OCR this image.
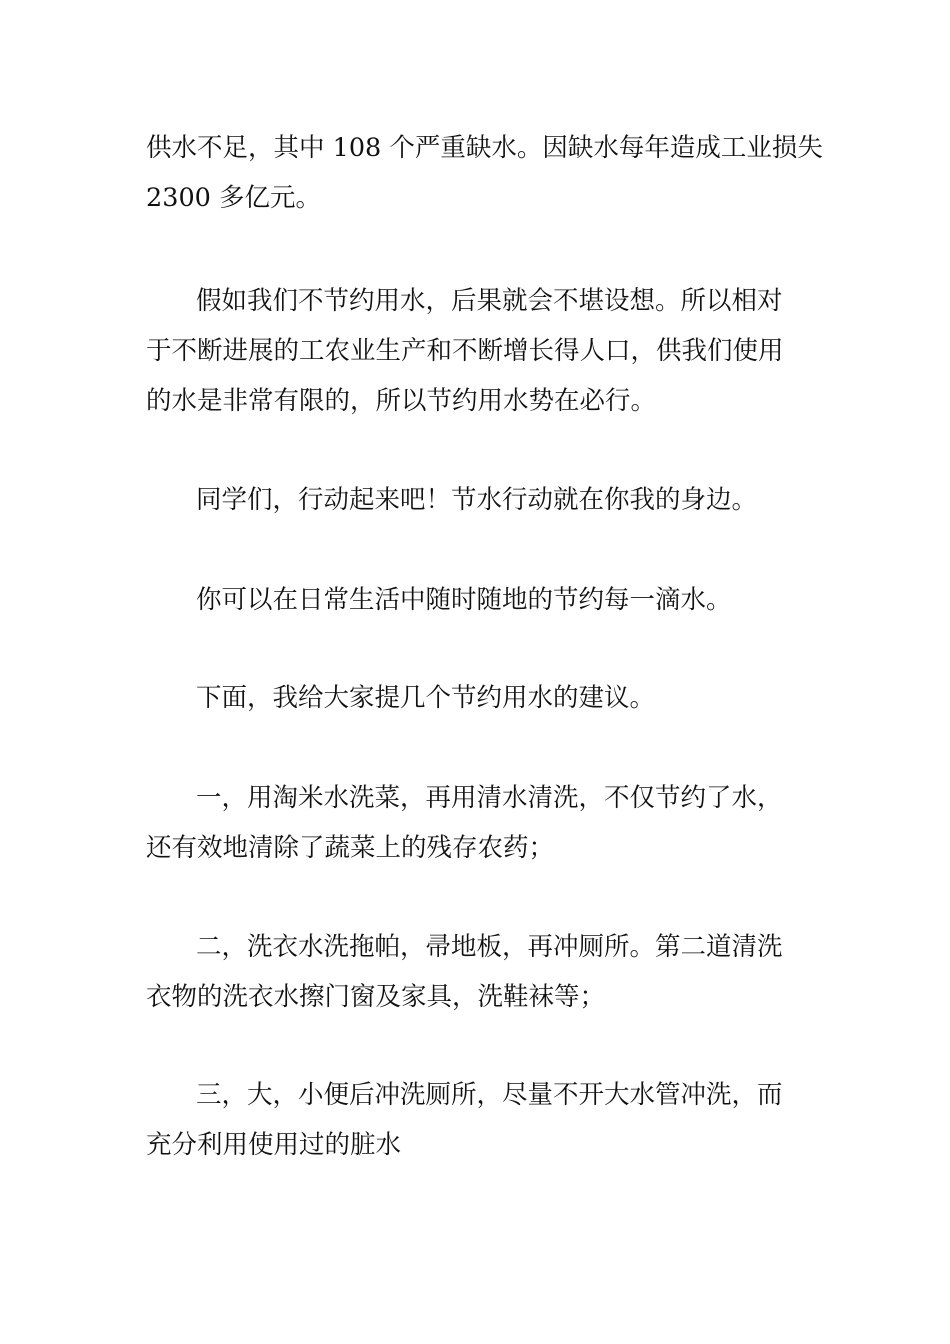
供水不足，其中 108 个严重缺水。因缺水每年造成工业损失
2300 多亿元。
假如我们不节约用水，后果就会不堪设想。所以相对
于不断进展的工农业生产和不断增长得人口，供我们使用
的水是非常有限的，所以节约用水势在必行。
同学们，行动起来吧！节水行动就在你我的身边。
你可以在日常生活中随时随地的节约每一滴水。
下面，我给大家提几个节约用水的建议。
一，用淘米水洗菜，再用清水清洗，不仅节约了水，
还有效地清除了蔬菜上的残存农药；
二，洗衣水洗拖帕，帚地板，再冲厕所。第二道清洗
衣物的洗衣水擦门窗及家具，洗鞋袜等；
三，大，小便后冲洗厕所，尽量不开大水管冲洗，而
充分利用使用过的脏水
